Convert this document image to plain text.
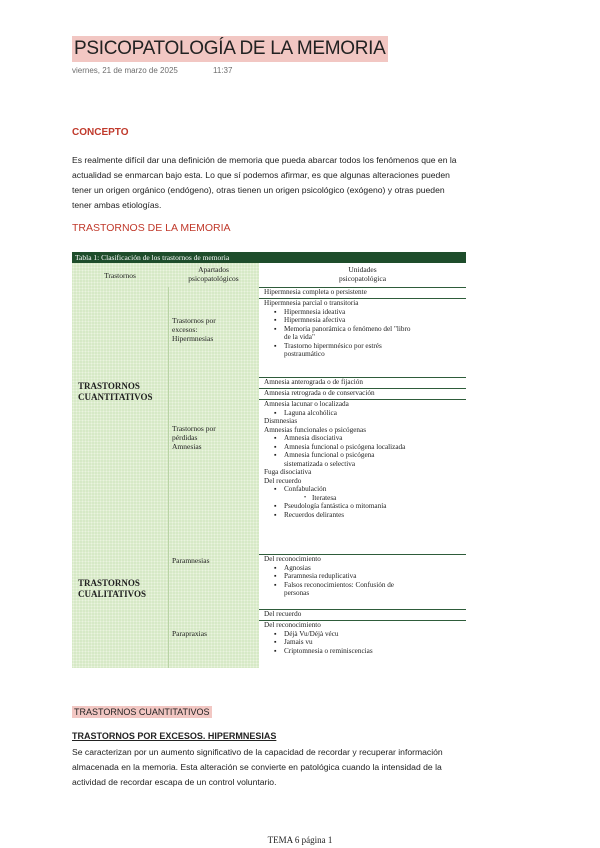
PSICOPATOLOGÍA DE LA MEMORIA
viernes, 21 de marzo de 2025	11:37
CONCEPTO
Es realmente difícil dar una definición de memoria que pueda abarcar todos los fenómenos que en la
actualidad se enmarcan bajo esta. Lo que sí podemos afirmar, es que algunas alteraciones pueden
tener un origen orgánico (endógeno), otras tienen un origen psicológico (exógeno) y otras pueden
tener ambas etiologías.
TRASTORNOS DE LA MEMORIA
Tabla 1: Clasificación de los trastornos de memoria
Trastornos
Apartados
psicopatológicos
Unidades
psicopatológica
TRASTORNOS
CUANTITATIVOS
TRASTORNOS
CUALITATIVOS
Trastornos por
excesos:
Hipermnesias
Trastornos por
pérdidas
Amnesias
Paramnesias
Parapraxias
Hipermnesia completa o persistente
Hipermnesia parcial o transitoria
▪ Hipermnesia ideativa
▪ Hipermnesia afectiva
▪ Memoria panorámica o fenómeno del "libro
de la vida"
▪ Trastorno hipermnésico por estrés
postraumático
Amnesia anterograda o de fijación
Amnesia retrograda o de conservación
Amnesia lacunar o localizada
▪ Laguna alcohólica
Dismnesias
Amnesias funcionales o psicógenas
▪ Amnesia disociativa
▪ Amnesia funcional o psicógena localizada
▪ Amnesia funcional o psicógena
sistematizada o selectiva
Fuga disociativa
Del recuerdo
▪ Confabulación
• Iteratesa
▪ Pseudología fantástica o mitomanía
▪ Recuerdos delirantes
Del reconocimiento
▪ Agnosias
▪ Paramnesia reduplicativa
▪ Falsos reconocimientos: Confusión de
personas
Del recuerdo
Del reconocimiento
▪ Déjà Vu/Déjà vécu
▪ Jamais vu
▪ Criptomnesia o reminiscencias
TRASTORNOS CUANTITATIVOS
TRASTORNOS POR EXCESOS. HIPERMNESIAS
Se caracterizan por un aumento significativo de la capacidad de recordar y recuperar información
almacenada en la memoria. Esta alteración se convierte en patológica cuando la intensidad de la
actividad de recordar escapa de un control voluntario.
TEMA 6 página 1
